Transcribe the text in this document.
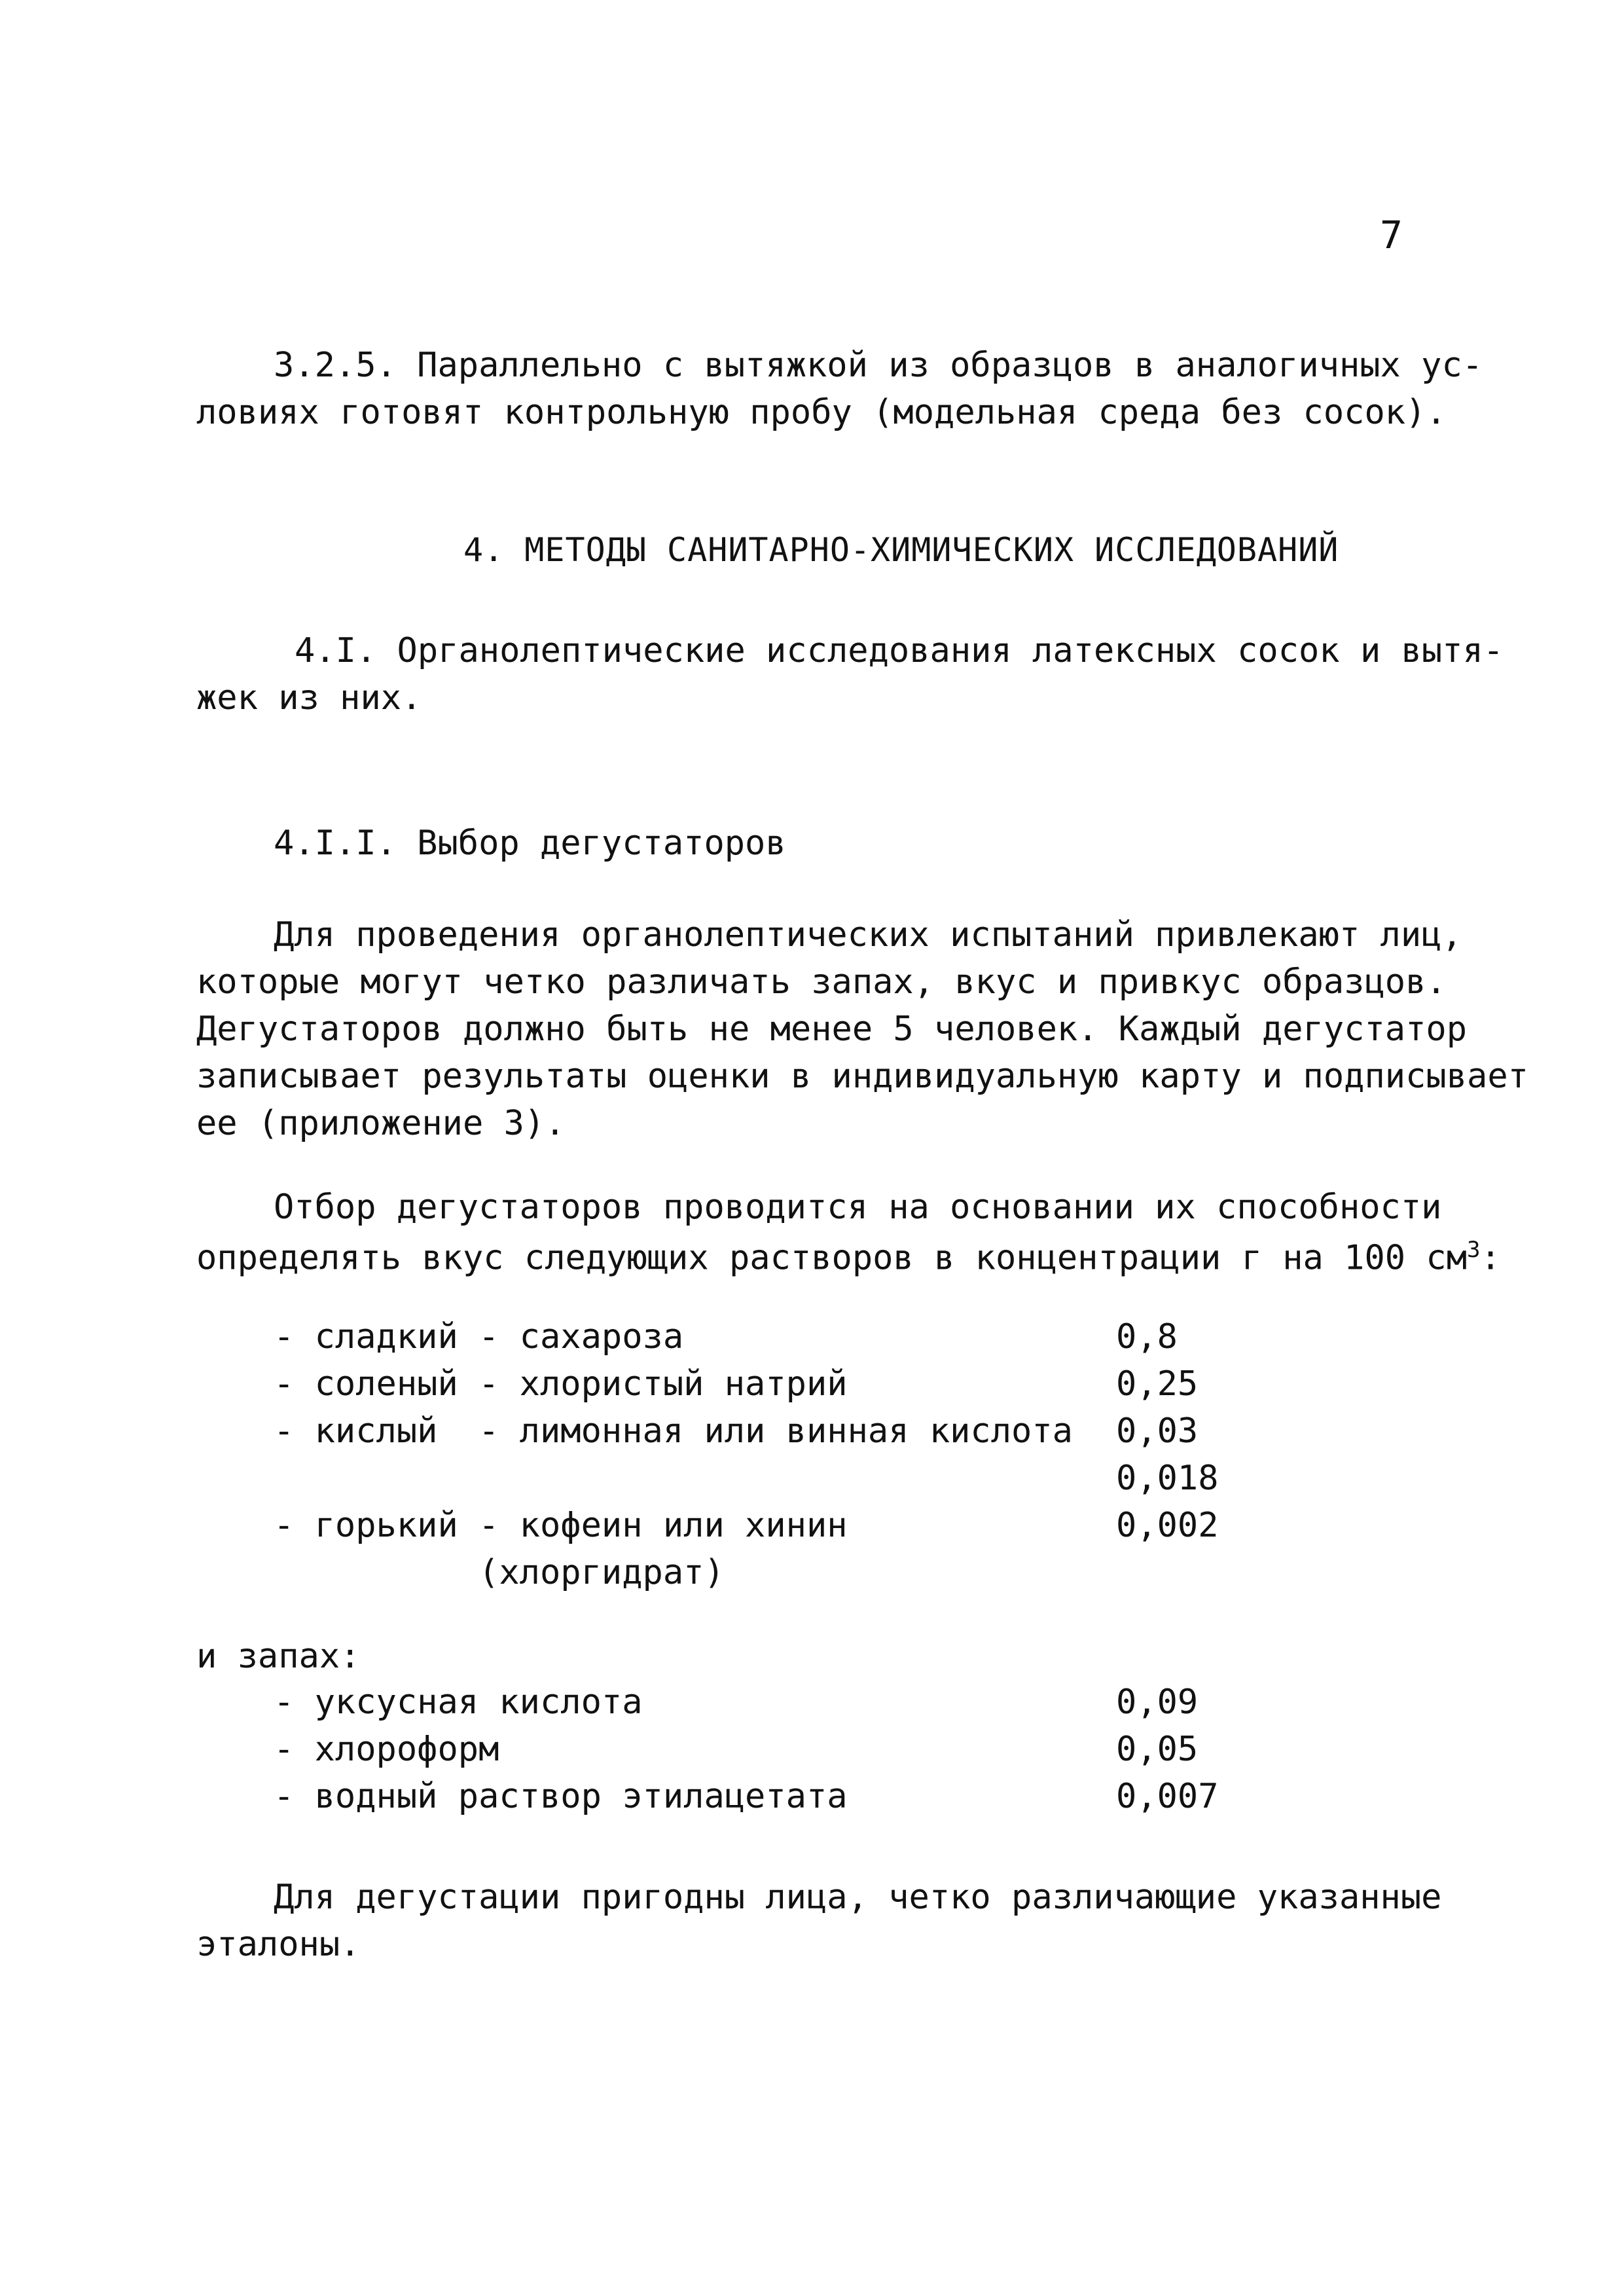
7
3.2.5. Параллельно с вытяжкой из образцов в аналогичных ус-
ловиях готовят контрольную пробу (модельная среда без сосок).
4. МЕТОДЫ САНИТАРНО-ХИМИЧЕСКИХ ИССЛЕДОВАНИЙ
4.I. Органолептические исследования латексных сосок и вытя-
жек из них.
4.I.I. Выбор дегустаторов
Для проведения органолептических испытаний привлекают лиц,
которые могут четко различать запах, вкус и привкус образцов.
Дегустаторов должно быть не менее 5 человек. Каждый дегустатор
записывает результаты оценки в индивидуальную карту и подписывает
ее (приложение 3).
Отбор дегустаторов проводится на основании их способности
определять вкус следующих растворов в концентрации г на 100 $см^3$:
- сладкий - сахароза	0,8
- соленый - хлористый натрий	0,25
- кислый  - лимонная или винная кислота 0,03
0,018
- горький - кофеин или хинин	0,002
(хлоргидрат)
и запах:
- уксусная кислота	0,09
- хлороформ	0,05
- водный раствор этилацетата	0,007
Для дегустации пригодны лица, четко различающие указанные
эталоны.
